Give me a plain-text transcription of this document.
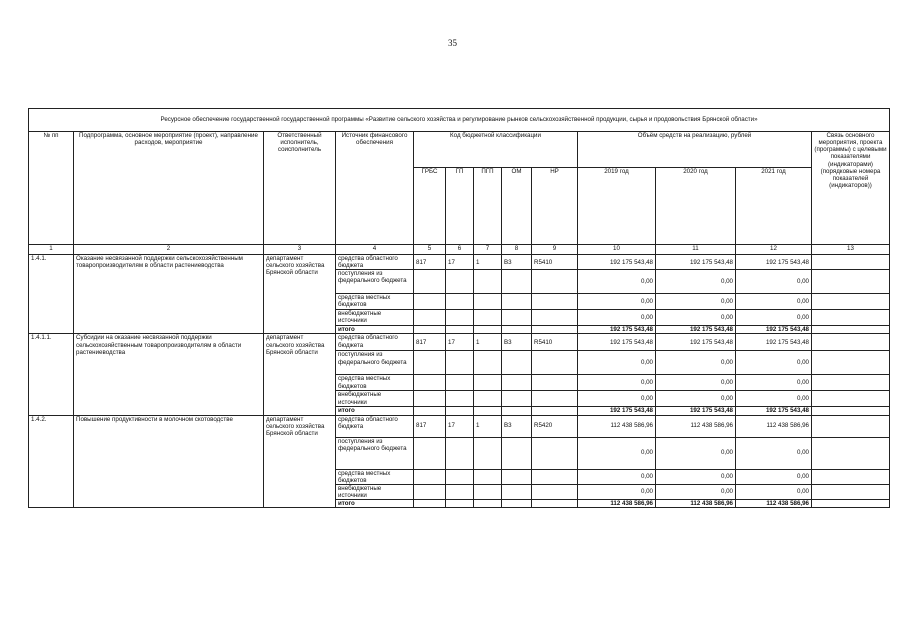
35
Ресурсное обеспечение государственной государственной программы «Развитие сельского хозяйства и регулирование рынков сельскохозяйственной продукции, сырья и продовольствия Брянской области»												
№ пп	Подпрограмма, основное мероприятие (проект), направление расходов, мероприятие	Ответственный исполнитель, соисполнитель	Источник финансового обеспечения	Код бюджетной классификации					Объём средств на реализацию, рублей			Связь основного мероприятия, проекта (программы) с целевыми показателями (индикаторами) (порядковые номера показателей (индикаторов))
				ГРБС	ГП	ПГП	ОМ	НР	2019 год	2020 год	2021 год	
1	2	3	4	5	6	7	8	9	10	11	12	13
1.4.1.	Оказание несвязанной поддержки сельскохозяйственным товаропроизводителям в области растениеводства	департамент сельского хозяйства Брянской области	средства областного бюджета	817	17	1	В3	R5410	192 175 543,48	192 175 543,48	192 175 543,48	
			поступления из федерального бюджета						0,00	0,00	0,00	
			средства местных бюджетов						0,00	0,00	0,00	
			внебюджетные источники						0,00	0,00	0,00	
			итого						192 175 543,48	192 175 543,48	192 175 543,48	
1.4.1.1.	Субсидии на оказание несвязанной поддержки сельскохозяйственным товаропроизводителям в области растениеводства	департамент сельского хозяйства Брянской области	средства областного бюджета	817	17	1	В3	R5410	192 175 543,48	192 175 543,48	192 175 543,48	
			поступления из федерального бюджета						0,00	0,00	0,00	
			средства местных бюджетов						0,00	0,00	0,00	
			внебюджетные источники						0,00	0,00	0,00	
			итого						192 175 543,48	192 175 543,48	192 175 543,48	
1.4.2.	Повышение продуктивности в молочном скотоводстве	департамент сельского хозяйства Брянской области	средства областного бюджета	817	17	1	В3	R5420	112 438 586,96	112 438 586,96	112 438 586,96	
			поступления из федерального бюджета						0,00	0,00	0,00	
			средства местных бюджетов						0,00	0,00	0,00	
			внебюджетные источники						0,00	0,00	0,00	
			итого						112 438 586,96	112 438 586,96	112 438 586,96	
